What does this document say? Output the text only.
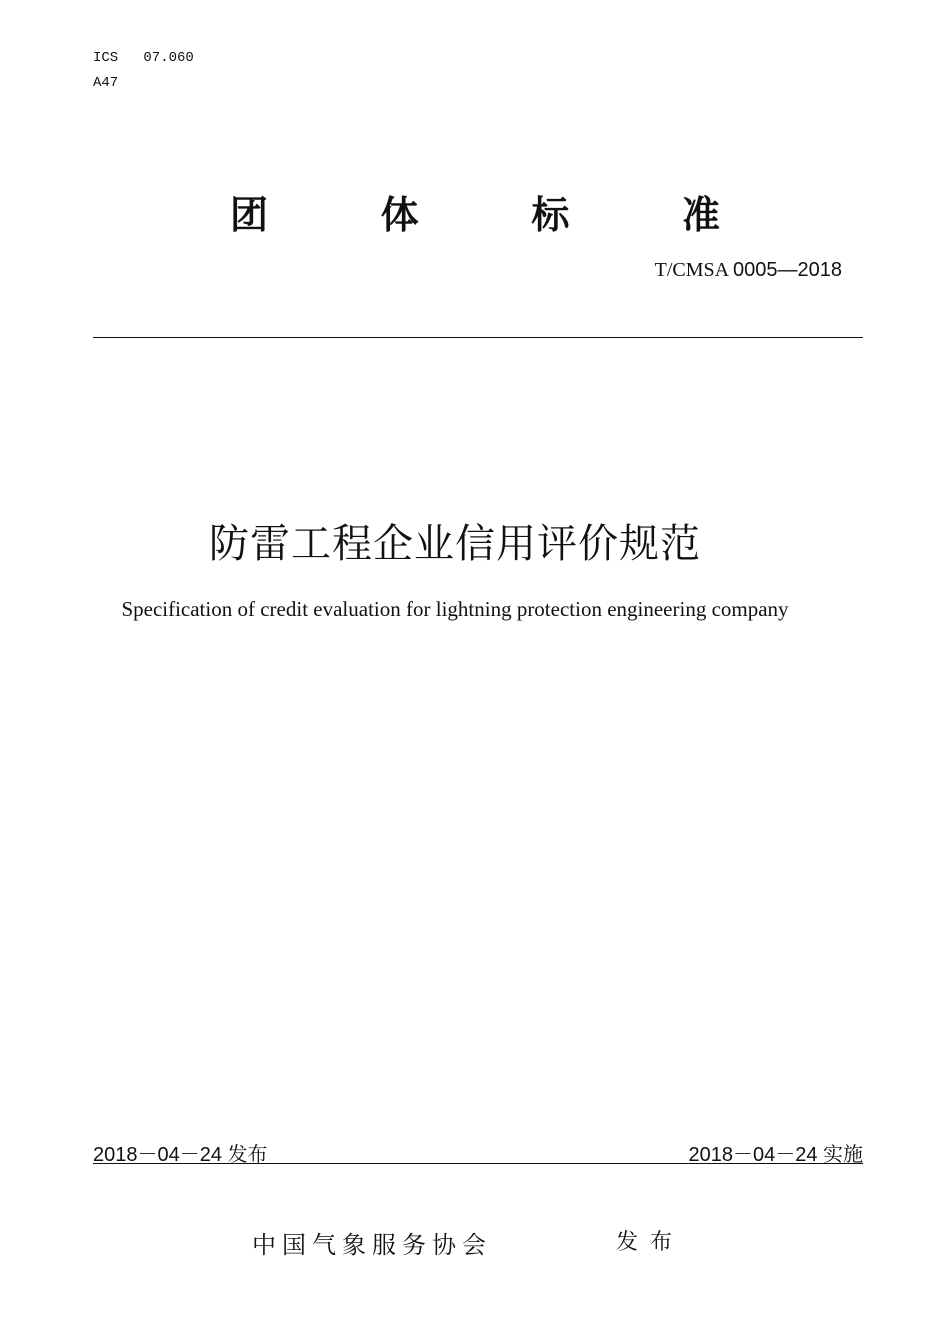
ICS   07.060
A47
团	体	标	准
T/CMSA 0005—2018
防雷工程企业信用评价规范
Specification of credit evaluation for lightning protection engineering company
2018－04－24 发布	2018－04－24 实施
中国气象服务协会	发布
